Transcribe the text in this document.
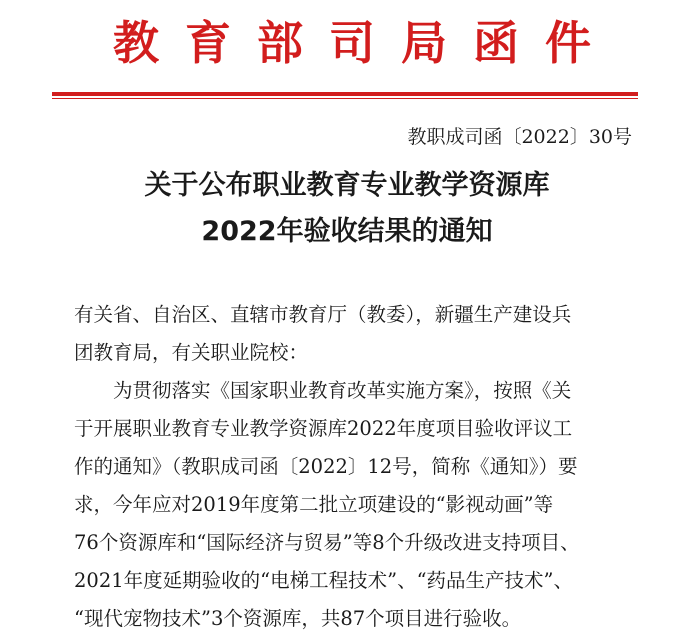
教育部司局函件
教职成司函〔2022〕30号
关于公布职业教育专业教学资源库
2022年验收结果的通知
有关省、自治区、直辖市教育厅（教委），新疆生产建设兵
团教育局，有关职业院校：
为贯彻落实《国家职业教育改革实施方案》，按照《关
于开展职业教育专业教学资源库2022年度项目验收评议工
作的通知》（教职成司函〔2022〕12号，简称《通知》）要
求，今年应对2019年度第二批立项建设的“影视动画”等
76个资源库和“国际经济与贸易”等8个升级改进支持项目、
2021年度延期验收的“电梯工程技术”、“药品生产技术”、
“现代宠物技术”3个资源库，共87个项目进行验收。
